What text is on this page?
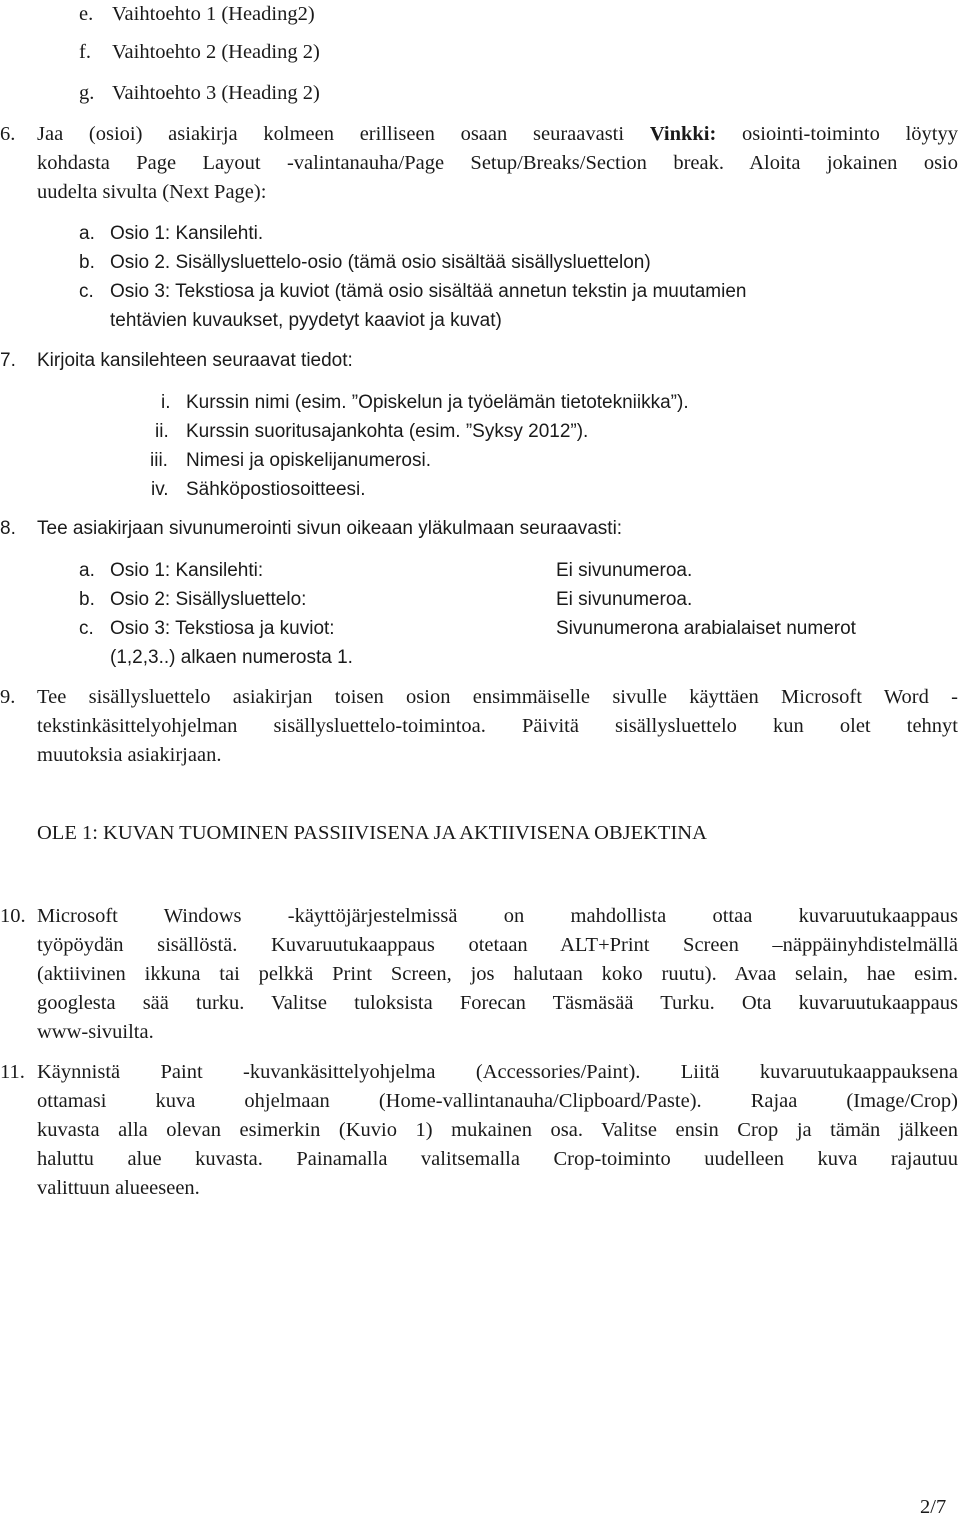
e. Vaihtoehto 1 (Heading2)
f. Vaihtoehto 2 (Heading 2)
g. Vaihtoehto 3 (Heading 2)
6. Jaa (osioi) asiakirja kolmeen erilliseen osaan seuraavasti Vinkki: osiointi-toiminto löytyy
kohdasta Page Layout -valintanauha/Page Setup/Breaks/Section break. Aloita jokainen osio
uudelta sivulta (Next Page):
a. Osio 1: Kansilehti.
b. Osio 2. Sisällysluettelo-osio (tämä osio sisältää sisällysluettelon)
c. Osio 3: Tekstiosa ja kuviot (tämä osio sisältää annetun tekstin ja muutamien
tehtävien kuvaukset, pyydetyt kaaviot ja kuvat)
7. Kirjoita kansilehteen seuraavat tiedot:
i. Kurssin nimi (esim. ”Opiskelun ja työelämän tietotekniikka”).
ii. Kurssin suoritusajankohta (esim. ”Syksy 2012”).
iii. Nimesi ja opiskelijanumerosi.
iv. Sähköpostiosoitteesi.
8. Tee asiakirjaan sivunumerointi sivun oikeaan yläkulmaan seuraavasti:
a. Osio 1: Kansilehti:	Ei sivunumeroa.
b. Osio 2: Sisällysluettelo:	Ei sivunumeroa.
c. Osio 3: Tekstiosa ja kuviot:	Sivunumerona arabialaiset numerot
(1,2,3..) alkaen numerosta 1.
9. Tee sisällysluettelo asiakirjan toisen osion ensimmäiselle sivulle käyttäen Microsoft Word -
tekstinkäsittelyohjelman sisällysluettelo-toimintoa. Päivitä sisällysluettelo kun olet tehnyt
muutoksia asiakirjaan.
OLE 1: KUVAN TUOMINEN PASSIIVISENA JA AKTIIVISENA OBJEKTINA
10. Microsoft Windows -käyttöjärjestelmissä on mahdollista ottaa kuvaruutukaappaus
työpöydän sisällöstä. Kuvaruutukaappaus otetaan ALT+Print Screen –näppäinyhdistelmällä
(aktiivinen ikkuna tai pelkkä Print Screen, jos halutaan koko ruutu). Avaa selain, hae esim.
googlesta sää turku. Valitse tuloksista Forecan Täsmäsää Turku. Ota kuvaruutukaappaus
www-sivuilta.
11. Käynnistä Paint -kuvankäsittelyohjelma (Accessories/Paint). Liitä kuvaruutukaappauksena
ottamasi kuva ohjelmaan (Home-vallintanauha/Clipboard/Paste). Rajaa (Image/Crop)
kuvasta alla olevan esimerkin (Kuvio 1) mukainen osa. Valitse ensin Crop ja tämän jälkeen
haluttu alue kuvasta. Painamalla valitsemalla Crop-toiminto uudelleen kuva rajautuu
valittuun alueeseen.
2/7
